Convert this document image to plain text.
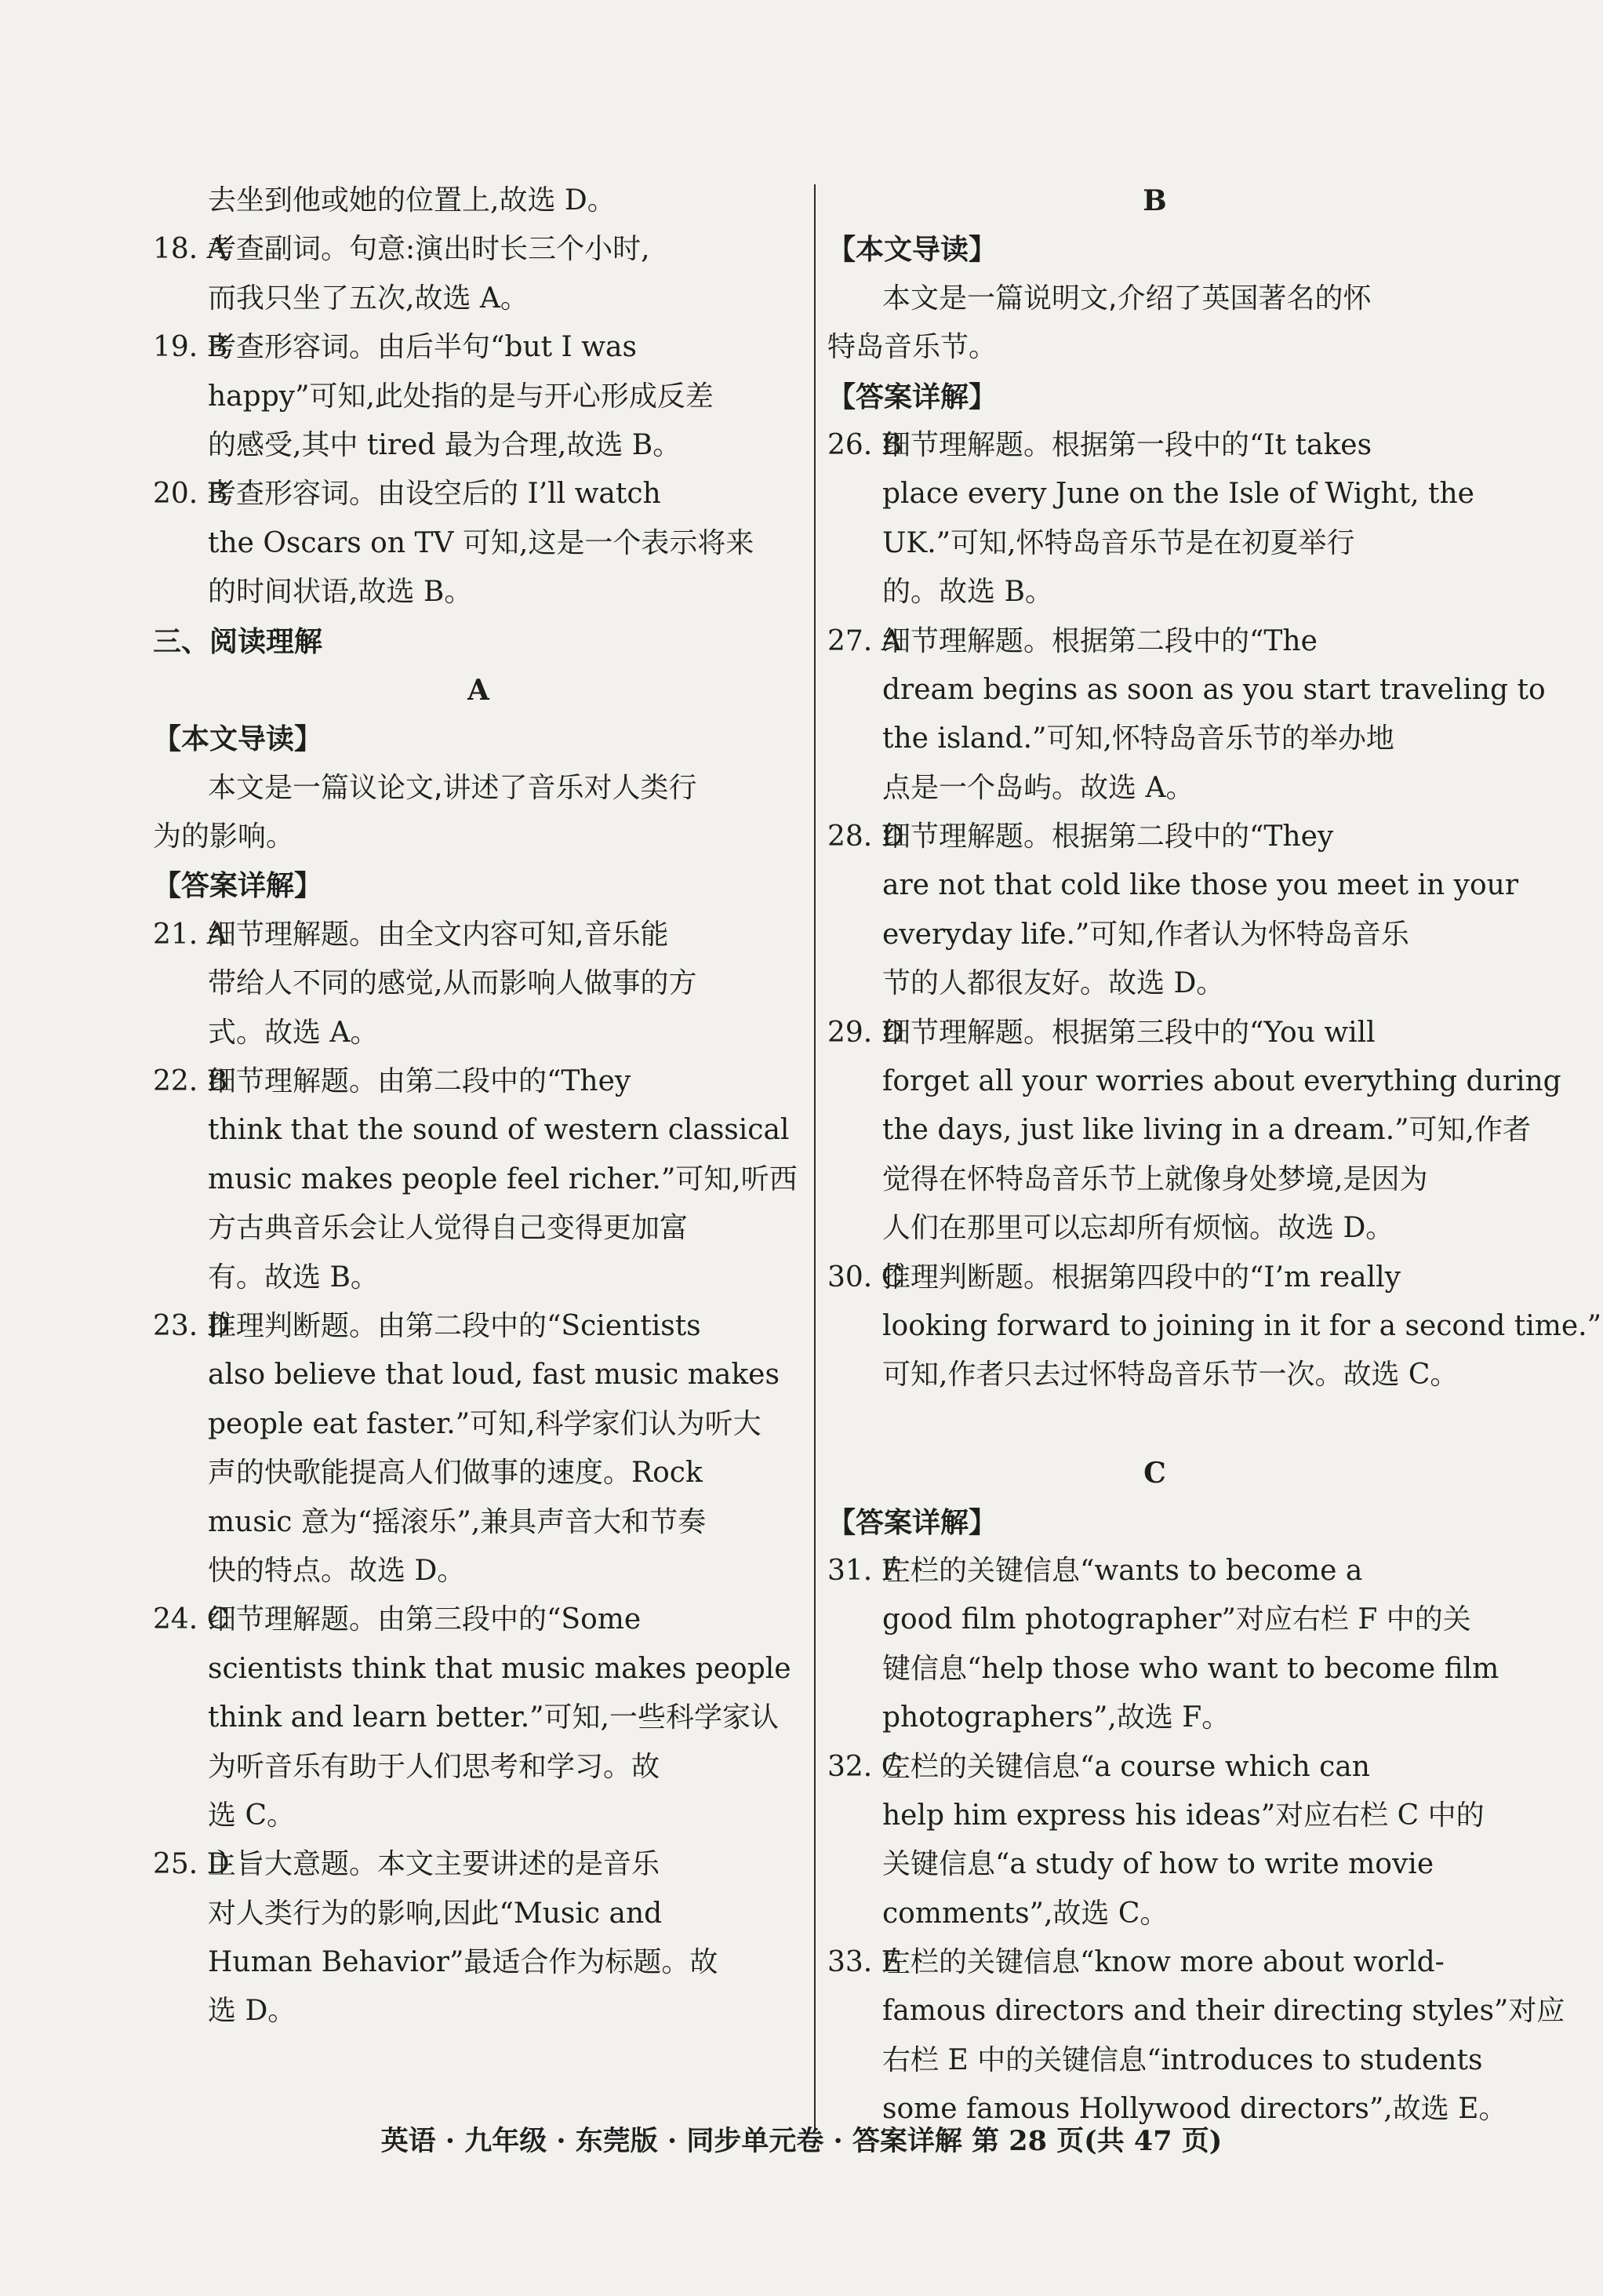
去坐到他或她的位置上,故选 D。
18. A考查副词。句意:演出时长三个小时,
而我只坐了五次,故选 A。
19. B考查形容词。由后半句“but I was
happy”可知,此处指的是与开心形成反差
的感受,其中 tired 最为合理,故选 B。
20. B考查形容词。由设空后的 I’ll watch
the Oscars on TV 可知,这是一个表示将来
的时间状语,故选 B。
三、阅读理解
A
【本文导读】
本文是一篇议论文,讲述了音乐对人类行
为的影响。
【答案详解】
21. A细节理解题。由全文内容可知,音乐能
带给人不同的感觉,从而影响人做事的方
式。故选 A。
22. B细节理解题。由第二段中的“They
think that the sound of western classical
music makes people feel richer.”可知,听西
方古典音乐会让人觉得自己变得更加富
有。故选 B。
23. D推理判断题。由第二段中的“Scientists
also believe that loud, fast music makes
people eat faster.”可知,科学家们认为听大
声的快歌能提高人们做事的速度。Rock
music 意为“摇滚乐”,兼具声音大和节奏
快的特点。故选 D。
24. C细节理解题。由第三段中的“Some
scientists think that music makes people
think and learn better.”可知,一些科学家认
为听音乐有助于人们思考和学习。故
选 C。
25. D主旨大意题。本文主要讲述的是音乐
对人类行为的影响,因此“Music and
Human Behavior”最适合作为标题。故
选 D。
B
【本文导读】
本文是一篇说明文,介绍了英国著名的怀
特岛音乐节。
【答案详解】
26. B细节理解题。根据第一段中的“It takes
place every June on the Isle of Wight, the
UK.”可知,怀特岛音乐节是在初夏举行
的。故选 B。
27. A细节理解题。根据第二段中的“The
dream begins as soon as you start traveling to
the island.”可知,怀特岛音乐节的举办地
点是一个岛屿。故选 A。
28. D细节理解题。根据第二段中的“They
are not that cold like those you meet in your
everyday life.”可知,作者认为怀特岛音乐
节的人都很友好。故选 D。
29. D细节理解题。根据第三段中的“You will
forget all your worries about everything during
the days, just like living in a dream.”可知,作者
觉得在怀特岛音乐节上就像身处梦境,是因为
人们在那里可以忘却所有烦恼。故选 D。
30. C推理判断题。根据第四段中的“I’m really
looking forward to joining in it for a second time.”
可知,作者只去过怀特岛音乐节一次。故选 C。
C
【答案详解】
31. F左栏的关键信息“wants to become a
good film photographer”对应右栏 F 中的关
键信息“help those who want to become film
photographers”,故选 F。
32. C左栏的关键信息“a course which can
help him express his ideas”对应右栏 C 中的
关键信息“a study of how to write movie
comments”,故选 C。
33. E左栏的关键信息“know more about world-
famous directors and their directing styles”对应
右栏 E 中的关键信息“introduces to students
some famous Hollywood directors”,故选 E。
英语 · 九年级 · 东莞版 · 同步单元卷 · 答案详解 第 28 页(共 47 页)
